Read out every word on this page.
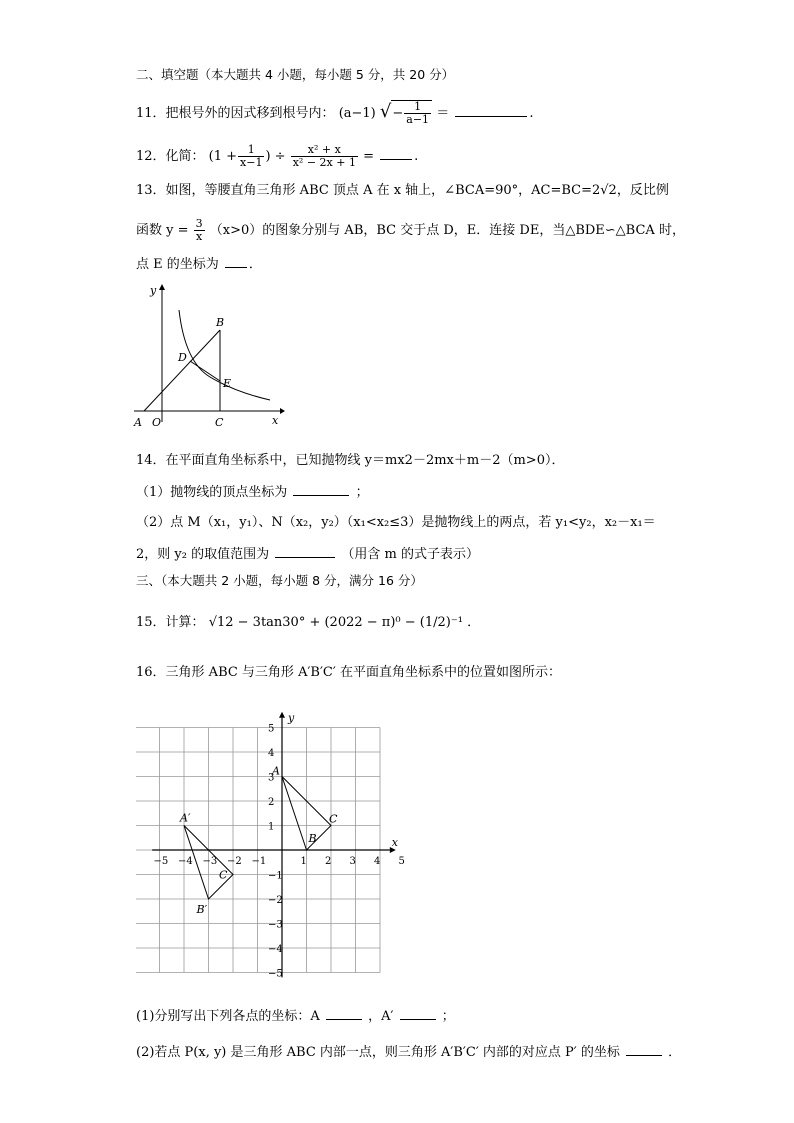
二、填空题（本大题共 4 小题，每小题 5 分，共 20 分）
11．把根号外的因式移到根号内： (a−1) √− $\frac{1}{a-1}$ ＝	.
12．化简： ($1 + \frac{1}{x-1}$ ) ÷ $\frac{\text{x² + x}}{\text{x² − 2x + 1}}$ =	.
13．如图，等腰直角三角形 ABC 顶点 A 在 x 轴上，∠BCA=90°，AC=BC=2√2，反比例
函数 $y = \frac{3}{x} (x>0)$的图象分别与 AB，BC 交于点 D，E．连接 DE，当△BDE∽△BCA 时，
点 E 的坐标为 ．
y
x
A O	C
B
D
E
14．在平面直角坐标系中，已知抛物线 y＝mx2－2mx＋m－2（m>0）．
（1）抛物线的顶点坐标为	；
（2）点 M（x₁，y₁）、N（x₂，y₂）（x₁<x₂≤3）是抛物线上的两点，若 y₁<y₂，x₂－x₁＝
2，则 y₂ 的取值范围为	（用含 m 的式子表示）
三、（本大题共 2 小题，每小题 8 分，满分 16 分）
15．计算： √12 − 3tan30° + (2022 − π)⁰ − (1/2)⁻¹ ．
16．三角形 ABC 与三角形 A′B′C′ 在平面直角坐标系中的位置如图所示：
−5 −4 −3 −2 −1	1 2 3 4 5
5
4
3
2
1
−1
−2
−3
−4
−5
A
B
C
A′
B′
C
x
y
(1)分别写出下列各点的坐标：A	，A′	；
(2)若点 P(x, y) 是三角形 ABC 内部一点，则三角形 A′B′C′ 内部的对应点 P′ 的坐标	．
